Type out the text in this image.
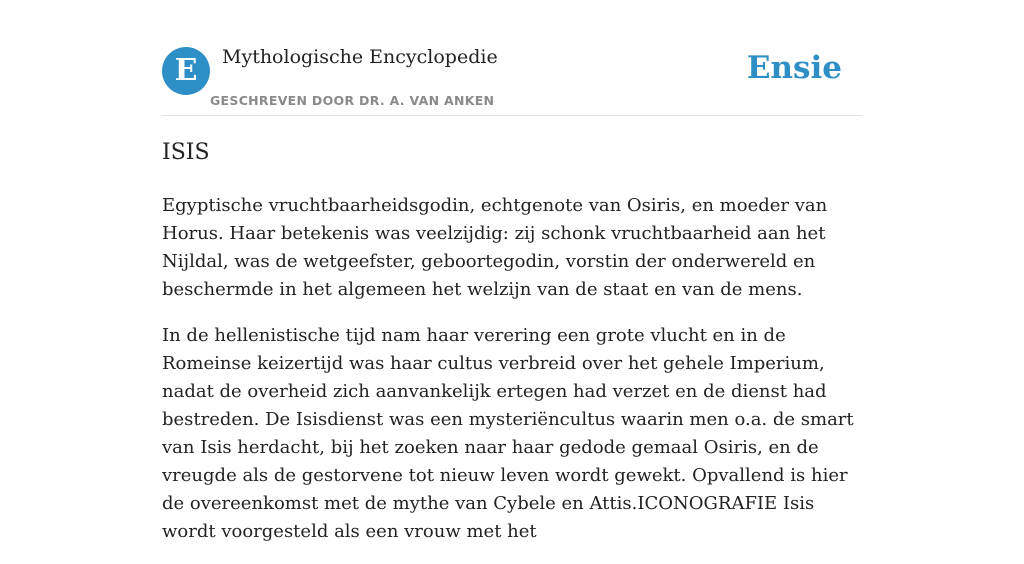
E	Mythologische Encyclopedie
GESCHREVEN DOOR DR. A. VAN ANKEN
Ensie
ISIS

Egyptische vruchtbaarheidsgodin, echtgenote van Osiris, en moeder van Horus. Haar betekenis was veelzijdig: zij schonk vruchtbaarheid aan het Nijldal, was de wetgeefster, geboortegodin, vorstin der onderwereld en beschermde in het algemeen het welzijn van de staat en van de mens.

In de hellenistische tijd nam haar verering een grote vlucht en in de Romeinse keizertijd was haar cultus verbreid over het gehele Imperium, nadat de overheid zich aanvankelijk ertegen had verzet en de dienst had bestreden. De Isisdienst was een mysteriëncultus waarin men o.a. de smart van Isis herdacht, bij het zoeken naar haar gedode gemaal Osiris, en de vreugde als de gestorvene tot nieuw leven wordt gewekt. Opvallend is hier de overeenkomst met de mythe van Cybele en Attis.ICONOGRAFIE Isis wordt voorgesteld als een vrouw met het
